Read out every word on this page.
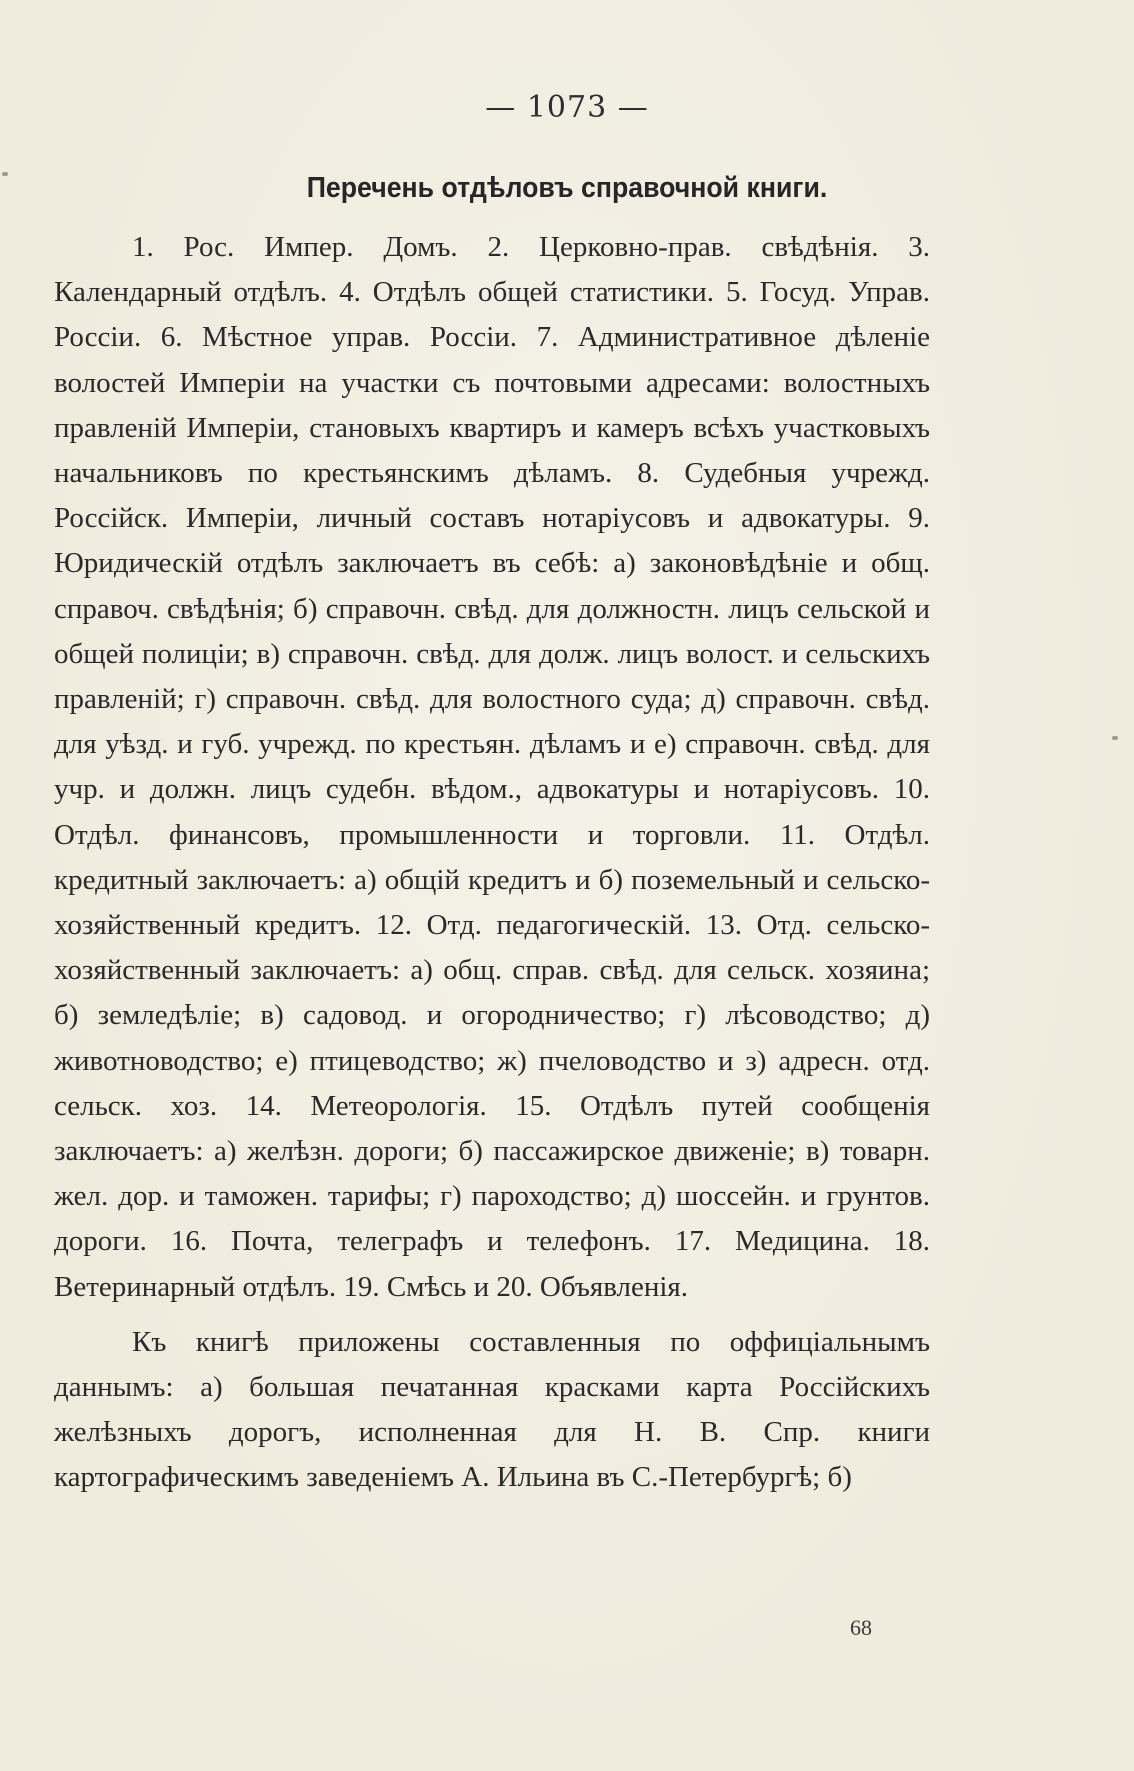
— 1073 —
Перечень отдѣловъ справочной книги.

1. Рос. Импер. Домъ. 2. Церковно-прав. свѣдѣнія. 3. Календарный отдѣлъ. 4. Отдѣлъ общей статистики. 5. Госуд. Управ. Россіи. 6. Мѣстное управ. Россіи. 7. Административное дѣленіе волостей Имперіи на участки съ почтовыми адресами: волостныхъ правленій Имперіи, становыхъ квартиръ и камеръ всѣхъ участковыхъ начальниковъ по крестьянскимъ дѣламъ. 8. Судебныя учрежд. Россійск. Имперіи, личный составъ нотаріусовъ и адвокатуры. 9. Юридическій отдѣлъ заключаетъ въ себѣ: а) законовѣдѣніе и общ. справоч. свѣдѣнія; б) справочн. свѣд. для должностн. лицъ сельской и общей полиціи; в) справочн. свѣд. для долж. лицъ волост. и сельскихъ правленій; г) справочн. свѣд. для волостного суда; д) справочн. свѣд. для уѣзд. и губ. учрежд. по крестьян. дѣламъ и е) справочн. свѣд. для учр. и должн. лицъ судебн. вѣдом., адвокатуры и нотаріусовъ. 10. Отдѣл. финансовъ, промышленности и торговли. 11. Отдѣл. кредитный заключаетъ: а) общій кредитъ и б) поземельный и сельско-хозяйственный кредитъ. 12. Отд. педагогическій. 13. Отд. сельско-хозяйственный заключаетъ: а) общ. справ. свѣд. для сельск. хозяина; б) земледѣліе; в) садовод. и огородничество; г) лѣсоводство; д) животноводство; е) птицеводство; ж) пчеловодство и з) адресн. отд. сельск. хоз. 14. Метеорологія. 15. Отдѣлъ путей сообщенія заключаетъ: а) желѣзн. дороги; б) пассажирское движеніе; в) товарн. жел. дор. и таможен. тарифы; г) пароходство; д) шоссейн. и грунтов. дороги. 16. Почта, телеграфъ и телефонъ. 17. Медицина. 18. Ветеринарный отдѣлъ. 19. Смѣсь и 20. Объявленія.

Къ книгѣ приложены составленныя по оффиціальнымъ даннымъ: а) большая печатанная красками карта Россійскихъ желѣзныхъ дорогъ, исполненная для Н. В. Спр. книги картографическимъ заведеніемъ А. Ильина въ С.-Петербургѣ; б)

68
